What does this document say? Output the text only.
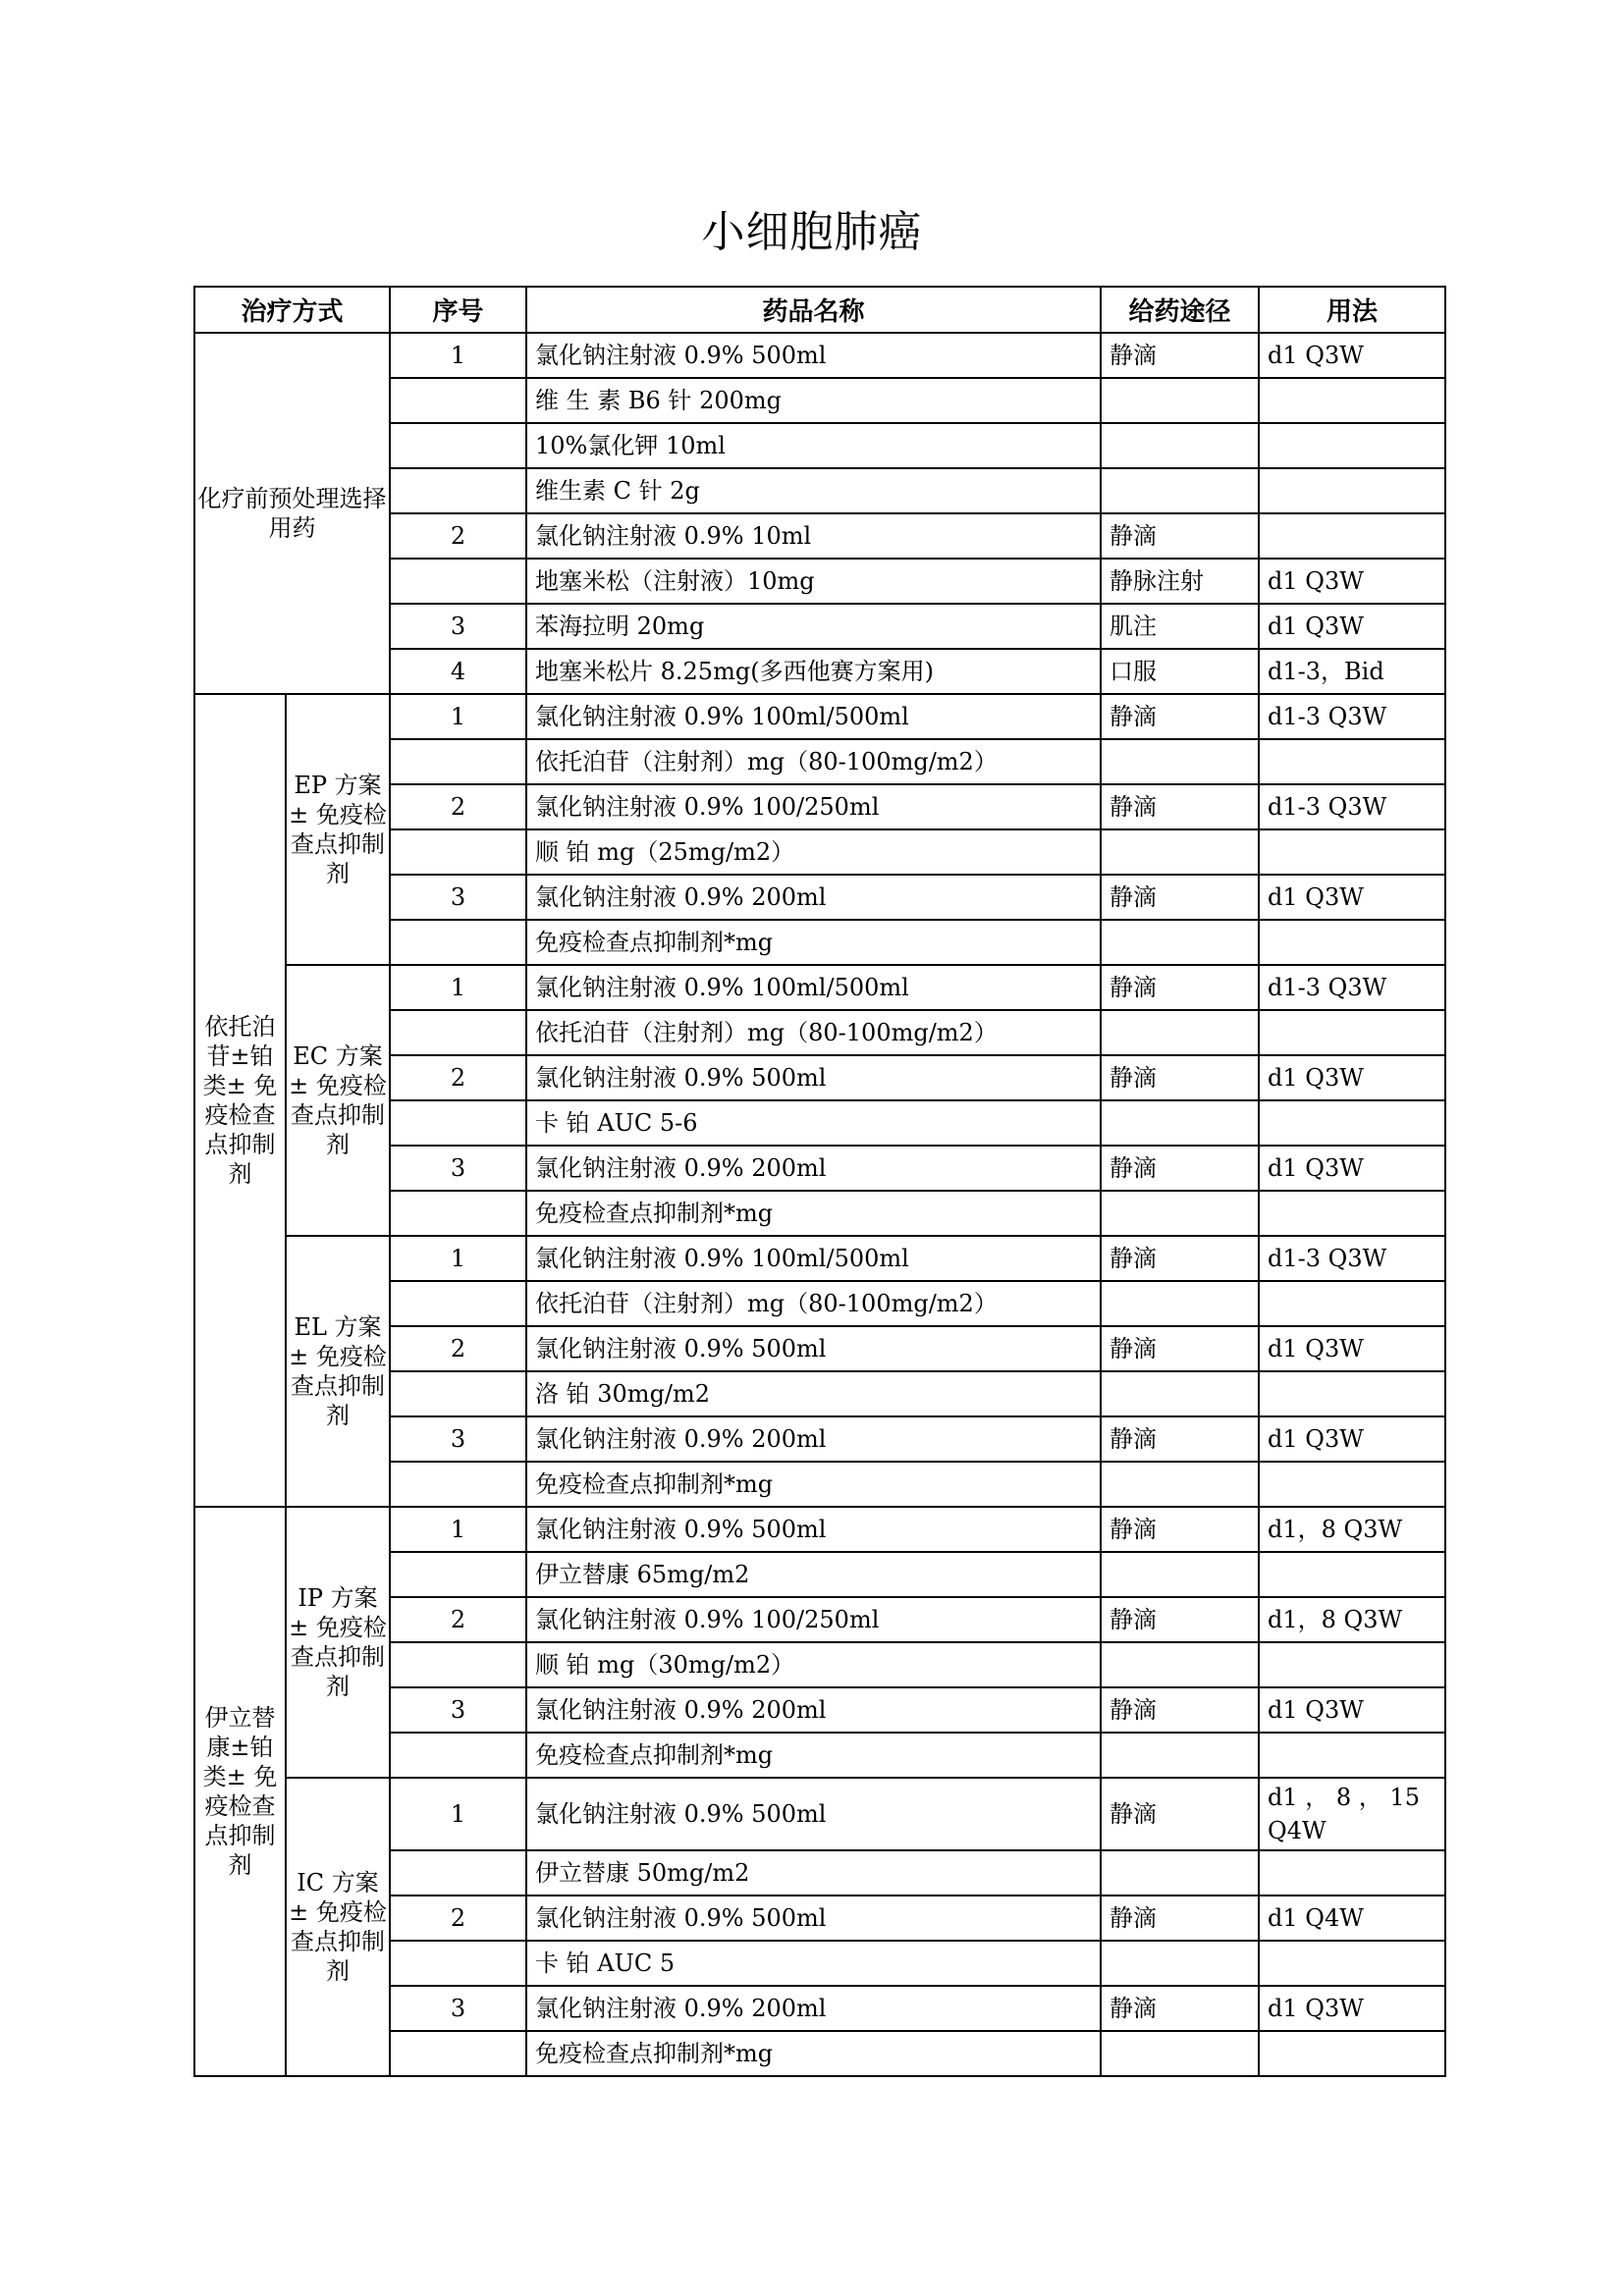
小细胞肺癌
治疗方式		序号	药品名称	给药途径	用法
化疗前预处理选择用药		1	氯化钠注射液 0.9% 500ml	静滴	d1 Q3W
			维 生 素 B6 针 200mg		
			10%氯化钾 10ml		
			维生素 C 针 2g		
		2	氯化钠注射液 0.9% 10ml	静滴	
			地塞米松（注射液）10mg	静脉注射	d1 Q3W
		3	苯海拉明 20mg	肌注	d1 Q3W
		4	地塞米松片 8.25mg(多西他赛方案用)	口服	d1-3，Bid
依托泊苷±铂类± 免疫检查点抑制剂	EP 方案± 免疫检查点抑制剂	1	氯化钠注射液 0.9% 100ml/500ml	静滴	d1-3 Q3W
			依托泊苷（注射剂）mg（80-100mg/m2）		
		2	氯化钠注射液 0.9% 100/250ml	静滴	d1-3 Q3W
			顺 铂 mg（25mg/m2）		
		3	氯化钠注射液 0.9% 200ml	静滴	d1 Q3W
			免疫检查点抑制剂*mg		
	EC 方案± 免疫检查点抑制剂	1	氯化钠注射液 0.9% 100ml/500ml	静滴	d1-3 Q3W
			依托泊苷（注射剂）mg（80-100mg/m2）		
		2	氯化钠注射液 0.9% 500ml	静滴	d1 Q3W
			卡 铂 AUC 5-6		
		3	氯化钠注射液 0.9% 200ml	静滴	d1 Q3W
			免疫检查点抑制剂*mg		
	EL 方案± 免疫检查点抑制剂	1	氯化钠注射液 0.9% 100ml/500ml	静滴	d1-3 Q3W
			依托泊苷（注射剂）mg（80-100mg/m2）		
		2	氯化钠注射液 0.9% 500ml	静滴	d1 Q3W
			洛 铂 30mg/m2		
		3	氯化钠注射液 0.9% 200ml	静滴	d1 Q3W
			免疫检查点抑制剂*mg		
伊立替康±铂类± 免疫检查点抑制剂	IP 方案± 免疫检查点抑制剂	1	氯化钠注射液 0.9% 500ml	静滴	d1，8 Q3W
			伊立替康 65mg/m2		
		2	氯化钠注射液 0.9% 100/250ml	静滴	d1，8 Q3W
			顺 铂 mg（30mg/m2）		
		3	氯化钠注射液 0.9% 200ml	静滴	d1 Q3W
			免疫检查点抑制剂*mg		
	IC 方案± 免疫检查点抑制剂	1	氯化钠注射液 0.9% 500ml	静滴	d1 ， 8 ， 15 Q4W

			伊立替康 50mg/m2		
		2	氯化钠注射液 0.9% 500ml	静滴	d1 Q4W
			卡 铂 AUC 5		
		3	氯化钠注射液 0.9% 200ml	静滴	d1 Q3W
			免疫检查点抑制剂*mg		
